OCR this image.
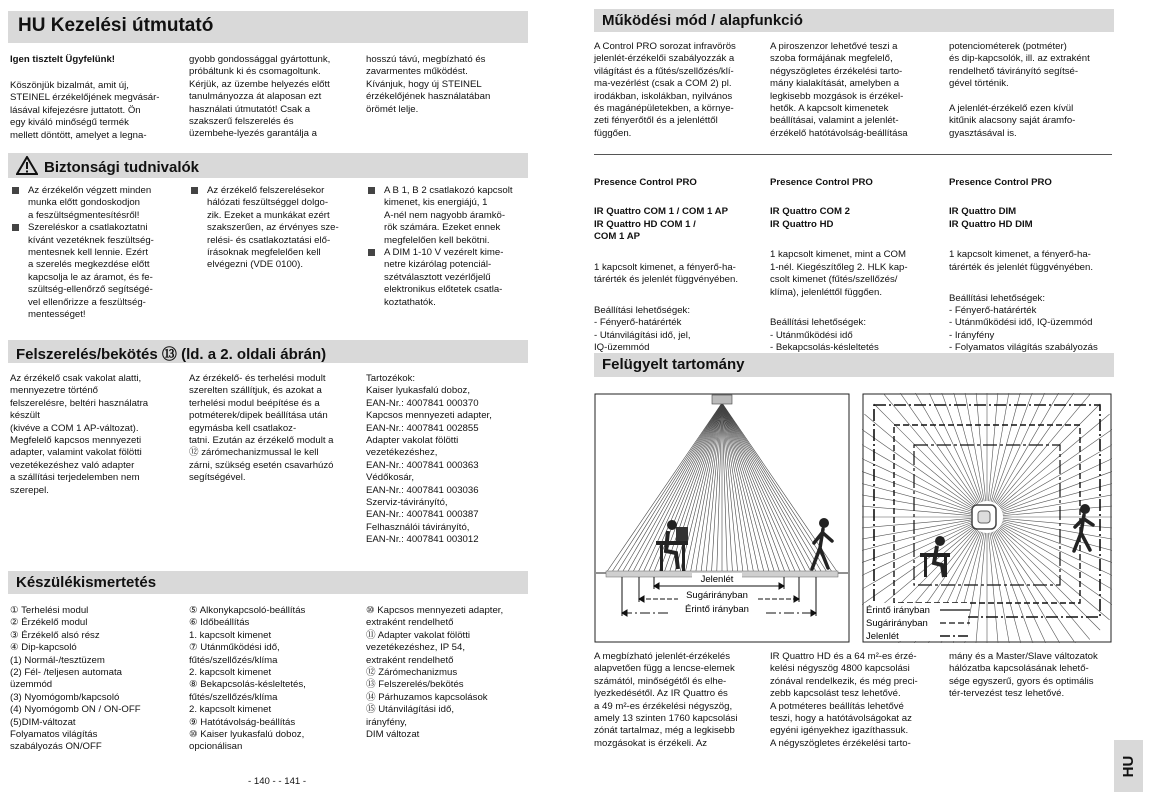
HU Kezelési útmutató
Igen tisztelt Ügyfelünk!
Köszönjük bizalmát, amit új,
STEINEL érzékelőjének megvásár-
lásával kifejezésre juttatott. Ön
egy kiváló minőségű termék
mellett döntött, amelyet a legna-
gyobb gondossággal gyártottunk,
próbáltunk ki és csomagoltunk.
Kérjük, az üzembe helyezés előtt
tanulmányozza át alaposan ezt
használati útmutatót! Csak a
szakszerű felszerelés és
üzembehe-lyezés garantálja a
hosszú távú, megbízható és
zavarmentes működést.
Kívánjuk, hogy új STEINEL
érzékelőjének használatában
örömét lelje.
Biztonsági tudnivalók
Az érzékelőn végzett minden
munka előtt gondoskodjon
a feszültségmentesítésről!
Szereléskor a csatlakoztatni
kívánt vezetéknek feszültség-
mentesnek kell lennie. Ezért
a szerelés megkezdése előtt
kapcsolja le az áramot, és fe-
szültség-ellenőrző segítségé-
vel ellenőrizze a feszültség-
mentességet!
Az érzékelő felszerelésekor
hálózati feszültséggel dolgo-
zik. Ezeket a munkákat ezért
szakszerűen, az érvényes sze-
relési- és csatlakoztatási elő-
írásoknak megfelelően kell
elvégezni (VDE 0100).
A B 1, B 2 csatlakozó kapcsolt
kimenet, kis energiájú, 1
A-nél nem nagyobb áramkö-
rök számára. Ezeket ennek
megfelelően kell bekötni.
A DIM 1-10 V vezérelt kime-
netre kizárólag potenciál-
szétválasztott vezérlőjelű
elektronikus előtetek csatla-
koztathatók.
Felszerelés/bekötés ⑬ (ld. a 2. oldali ábrán)
Az érzékelő csak vakolat alatti,
mennyezetre történő
felszerelésre, beltéri használatra
készült
(kivéve a COM 1 AP-változat).
Megfelelő kapcsos mennyezeti
adapter, valamint vakolat fölötti
vezetékezéshez való adapter
a szállítási terjedelemben nem
szerepel.
Az érzékelő- és terhelési modult
szerelten szállítjuk, és azokat a
terhelési modul beépítése és a
potméterek/dipek beállítása után
egymásba kell csatlakoz-
tatni. Ezután az érzékelő modult a
⑫ zárómechanizmussal le kell
zárni, szükség esetén csavarhúzó
segítségével.
Tartozékok:
Kaiser lyukasfalú doboz,
EAN-Nr.: 4007841 000370
Kapcsos mennyezeti adapter,
EAN-Nr.: 4007841 002855
Adapter vakolat fölötti
vezetékezéshez,
EAN-Nr.: 4007841 000363
Védőkosár,
EAN-Nr.: 4007841 003036
Szerviz-távirányító,
EAN-Nr.: 4007841 000387
Felhasználói távirányító,
EAN-Nr.: 4007841 003012
Készülékismertetés
① Terhelési modul
② Érzékelő modul
③ Érzékelő alsó rész
④ Dip-kapcsoló
(1) Normál-/tesztüzem
(2) Fél- /teljesen automata
üzemmód
(3) Nyomógomb/kapcsoló
(4) Nyomógomb ON / ON-OFF
(5)DIM-változat
Folyamatos világítás
szabályozás ON/OFF
⑤ Alkonykapcsoló-beállítás
⑥ Időbeállítás
1. kapcsolt kimenet
⑦ Utánműködési idő,
fűtés/szellőzés/klíma
2. kapcsolt kimenet
⑧ Bekapcsolás-késleltetés,
fűtés/szellőzés/klíma
2. kapcsolt kimenet
⑨ Hatótávolság-beállítás
⑩ Kaiser lyukasfalú doboz,
opcionálisan
⑩ Kapcsos mennyezeti adapter,
extraként rendelhető
⑪ Adapter vakolat fölötti
vezetékezéshez, IP 54,
extraként rendelhető
⑫ Zárómechanizmus
⑬ Felszerelés/bekötés
⑭ Párhuzamos kapcsolások
⑮ Utánvilágítási idő,
irányfény,
DIM változat
- 140 - - 141 -
Működési mód / alapfunkció
A Control PRO sorozat infravörös
jelenlét-érzékelői szabályozzák a
világítást és a fűtés/szellőzés/klí-
ma-vezérlést (csak a COM 2) pl.
irodákban, iskolákban, nyilvános
és magánépületekben, a környe-
zeti fényerőtől és a jelenléttől
függően.
A piroszenzor lehetővé teszi a
szoba formájának megfelelő,
négyszögletes érzékelési tarto-
mány kialakítását, amelyben a
legkisebb mozgások is érzékel-
hetők. A kapcsolt kimenetek
beállításai, valamint a jelenlét-
érzékelő hatótávolság-beállítása
potenciométerek (potméter)
és dip-kapcsolók, ill. az extraként
rendelhető távirányító segítsé-
gével történik.

A jelenlét-érzékelő ezen kívül
kitűnik alacsony saját áramfo-
gyasztásával is.

Presence Control PRO

IR Quattro COM 1 / COM 1 AP
IR Quattro HD COM 1 /
COM 1 AP

1 kapcsolt kimenet, a fényerő-ha-
tárérték és jelenlét függvényében.

Beállítási lehetőségek:
- Fényerő-határérték
- Utánvilágítási idő, jel,
IQ-üzemmód

Presence Control PRO

IR Quattro COM 2
IR Quattro HD

1 kapcsolt kimenet, mint a COM
1-nél. Kiegészítőleg 2. HLK kap-
csolt kimenet (fűtés/szellőzés/
klíma), jelenléttől függően.

Beállítási lehetőségek:
- Utánműködési idő
- Bekapcsolás-késleltetés

Presence Control PRO

IR Quattro DIM
IR Quattro HD DIM

1 kapcsolt kimenet, a fényerő-ha-
tárérték és jelenlét függvényében.

Beállítási lehetőségek:
- Fényerő-határérték
- Utánműködési idő, IQ-üzemmód
- Irányfény
- Folyamatos világítás szabályozás

Felügyelt tartomány
Jelenlét
Sugárirányban
Érintő irányban	Érintő irányban
Sugárirányban
Jelenlét
A megbízható jelenlét-érzékelés
alapvetően függ a lencse-elemek
számától, minőségétől és elhe-
lyezkedésétől. Az IR Quattro és
a 49 m²-es érzékelési négyszög,
amely 13 szinten 1760 kapcsolási
zónát tartalmaz, még a legkisebb
mozgásokat is érzékeli. Az
IR Quattro HD és a 64 m²-es érzé-
kelési négyszög 4800 kapcsolási
zónával rendelkezik, és még preci-
zebb kapcsolást tesz lehetővé.
A potméteres beállítás lehetővé
teszi, hogy a hatótávolságokat az
egyéni igényekhez igazíthassuk.
A négyszögletes érzékelési tarto-
mány és a Master/Slave változatok
hálózatba kapcsolásának lehető-
sége egyszerű, gyors és optimális
tér-tervezést tesz lehetővé.
HU
